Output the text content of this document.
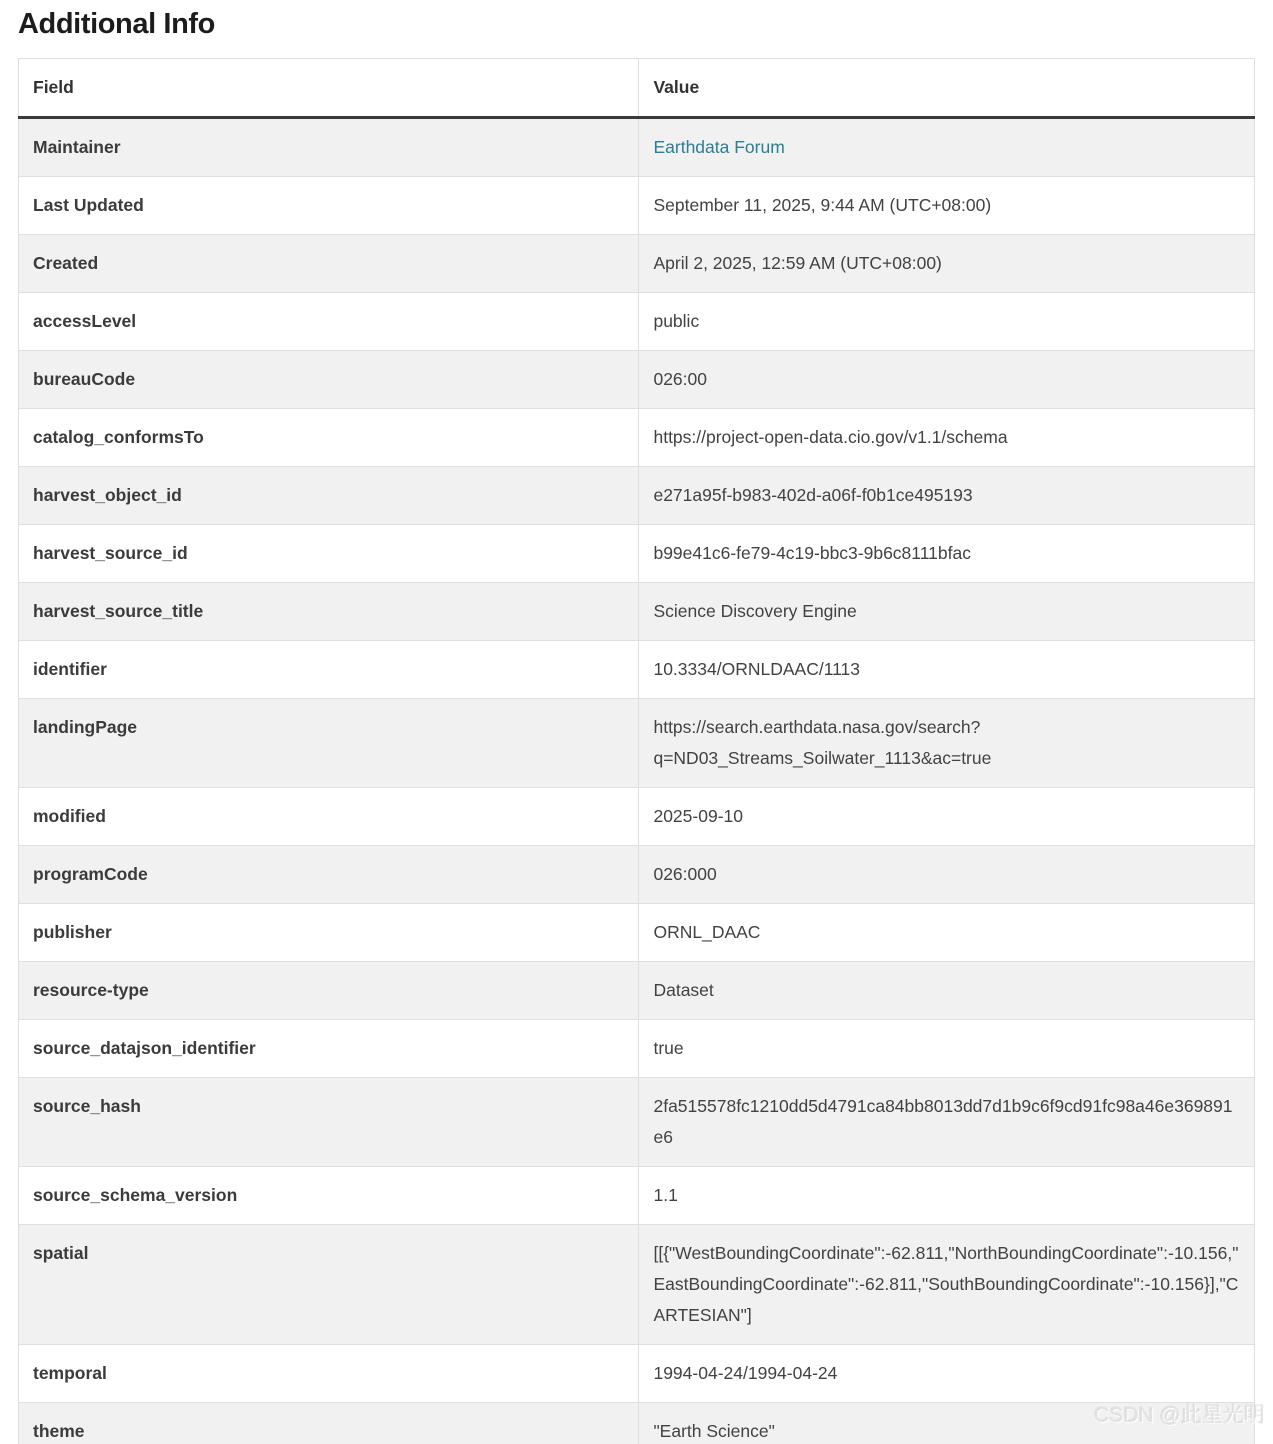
Additional Info
Field	Value
Maintainer	Earthdata Forum
Last Updated	September 11, 2025, 9:44 AM (UTC+08:00)
Created	April 2, 2025, 12:59 AM (UTC+08:00)
accessLevel	public
bureauCode	026:00
catalog_conformsTo	https://project-open-data.cio.gov/v1.1/schema
harvest_object_id	e271a95f-b983-402d-a06f-f0b1ce495193
harvest_source_id	b99e41c6-fe79-4c19-bbc3-9b6c8111bfac
harvest_source_title	Science Discovery Engine
identifier	10.3334/ORNLDAAC/1113
landingPage	https://search.earthdata.nasa.gov/search?q=ND03_Streams_Soilwater_1113&ac=true
modified	2025-09-10
programCode	026:000
publisher	ORNL_DAAC
resource-type	Dataset
source_datajson_identifier	true
source_hash	2fa515578fc1210dd5d4791ca84bb8013dd7d1b9c6f9cd91fc98a46e369891e6
source_schema_version	1.1
spatial	[[{"WestBoundingCoordinate":-62.811,"NorthBoundingCoordinate":-10.156,"EastBoundingCoordinate":-62.811,"SouthBoundingCoordinate":-10.156}],"CARTESIAN"]
temporal	1994-04-24/1994-04-24
theme	"Earth Science"
CSDN @此星光明
